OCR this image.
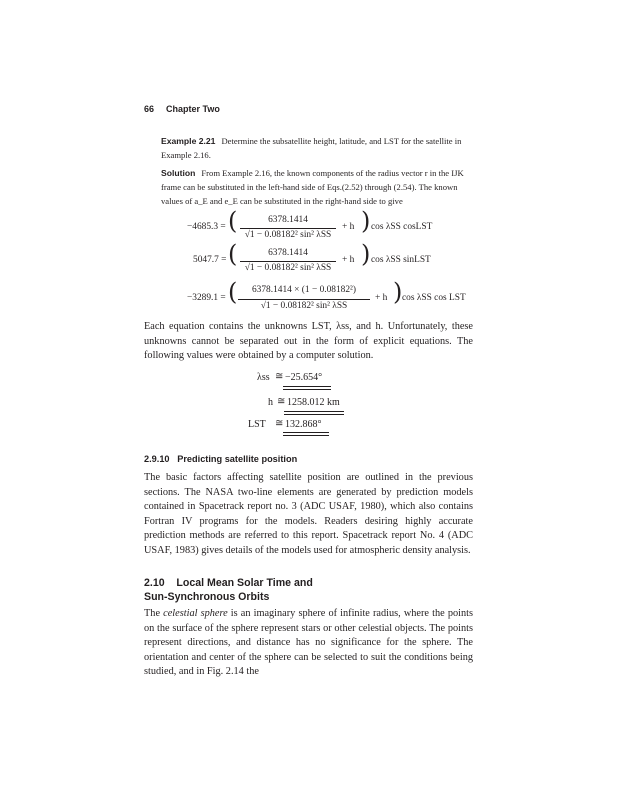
66 Chapter Two
Example 2.21 Determine the subsatellite height, latitude, and LST for the satellite in Example 2.16.
Solution From Example 2.16, the known components of the radius vector r in the IJK frame can be substituted in the left-hand side of Eqs.(2.52) through (2.54). The known values of a_E and e_E can be substituted in the right-hand side to give
−4685.3 = (	6378.1414
√1 − 0.08182² sin² λSS
+ h ) cos λSS cosLST
5047.7 = (	6378.1414
√1 − 0.08182² sin² λSS
+ h ) cos λSS sinLST
−3289.1 = (	6378.1414 × (1 − 0.08182²)
√1 − 0.08182² sin² λSS
+ h ) cos λSS cos LST
Each equation contains the unknowns LST, λss, and h. Unfortunately, these unknowns cannot be separated out in the form of explicit equations. The following values were obtained by a computer solution.
λss ≅ −25.654°
h ≅ 1258.012 km
LST ≅ 132.868°
2.9.10 Predicting satellite position
The basic factors affecting satellite position are outlined in the previous sections. The NASA two-line elements are generated by prediction models contained in Spacetrack report no. 3 (ADC USAF, 1980), which also contains Fortran IV programs for the models. Readers desiring highly accurate prediction methods are referred to this report. Spacetrack report No. 4 (ADC USAF, 1983) gives details of the models used for atmospheric density analysis.
2.10 Local Mean Solar Time and
Sun-Synchronous Orbits
The celestial sphere is an imaginary sphere of infinite radius, where the points on the surface of the sphere represent stars or other celestial objects. The points represent directions, and distance has no significance for the sphere. The orientation and center of the sphere can be selected to suit the conditions being studied, and in Fig. 2.14 the
